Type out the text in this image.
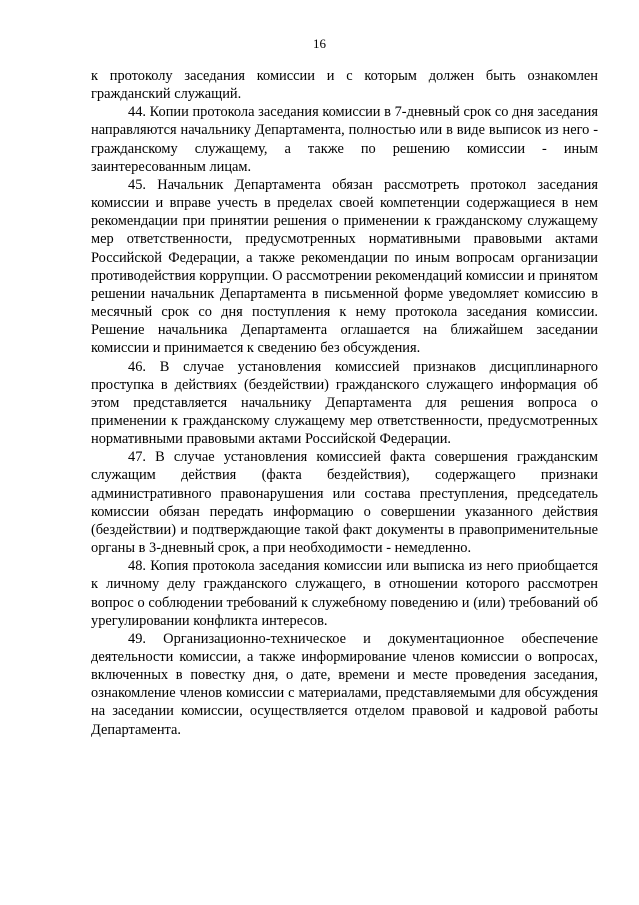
16

к протоколу заседания комиссии и с которым должен быть ознакомлен гражданский служащий.

44. Копии протокола заседания комиссии в 7-дневный срок со дня заседания направляются начальнику Департамента, полностью или в виде выписок из него - гражданскому служащему, а также по решению комиссии - иным заинтересованным лицам.

45. Начальник Департамента обязан рассмотреть протокол заседания комиссии и вправе учесть в пределах своей компетенции содержащиеся в нем рекомендации при принятии решения о применении к гражданскому служащему мер ответственности, предусмотренных нормативными правовыми актами Российской Федерации, а также рекомендации по иным вопросам организации противодействия коррупции. О рассмотрении рекомендаций комиссии и принятом решении начальник Департамента в письменной форме уведомляет комиссию в месячный срок со дня поступления к нему протокола заседания комиссии. Решение начальника Департамента оглашается на ближайшем заседании комиссии и принимается к сведению без обсуждения.

46. В случае установления комиссией признаков дисциплинарного проступка в действиях (бездействии) гражданского служащего информация об этом представляется начальнику Департамента для решения вопроса о применении к гражданскому служащему мер ответственности, предусмотренных нормативными правовыми актами Российской Федерации.

47. В случае установления комиссией факта совершения гражданским служащим действия (факта бездействия), содержащего признаки административного правонарушения или состава преступления, председатель комиссии обязан передать информацию о совершении указанного действия (бездействии) и подтверждающие такой факт документы в правоприменительные органы в 3-дневный срок, а при необходимости - немедленно.

48. Копия протокола заседания комиссии или выписка из него приобщается к личному делу гражданского служащего, в отношении которого рассмотрен вопрос о соблюдении требований к служебному поведению и (или) требований об урегулировании конфликта интересов.

49. Организационно-техническое и документационное обеспечение деятельности комиссии, а также информирование членов комиссии о вопросах, включенных в повестку дня, о дате, времени и месте проведения заседания, ознакомление членов комиссии с материалами, представляемыми для обсуждения на заседании комиссии, осуществляется отделом правовой и кадровой работы Департамента.
